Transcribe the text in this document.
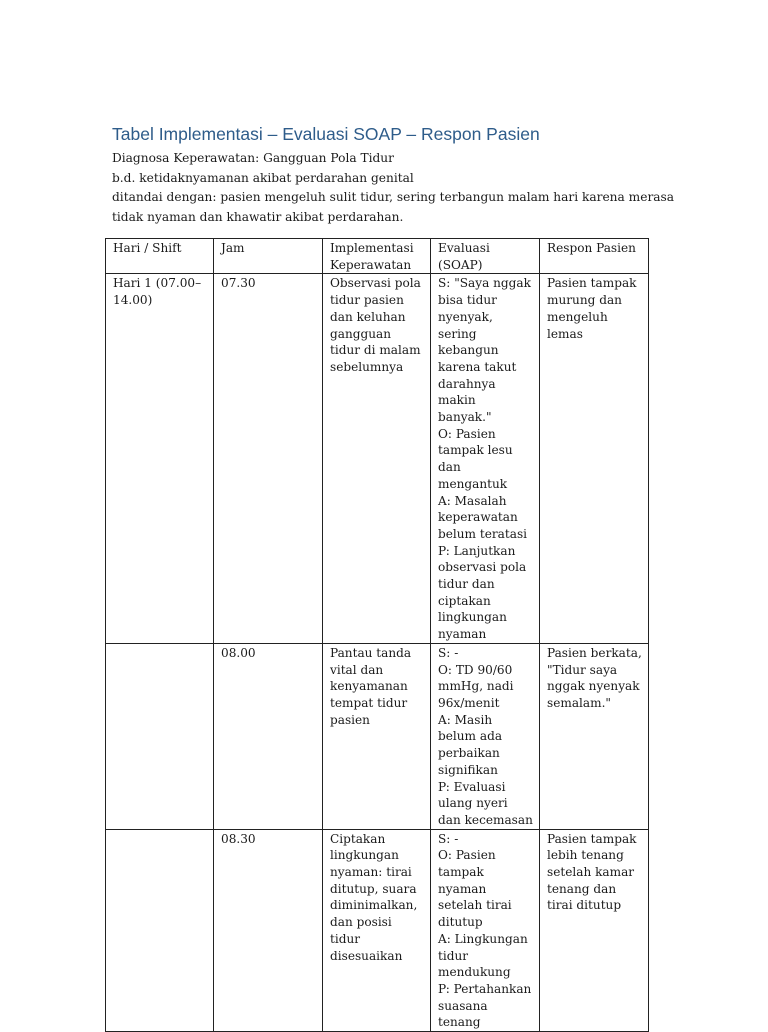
Tabel Implementasi – Evaluasi SOAP – Respon Pasien
Diagnosa Keperawatan: Gangguan Pola Tidur
b.d. ketidaknyamanan akibat perdarahan genital
ditandai dengan: pasien mengeluh sulit tidur, sering terbangun malam hari karena merasa
tidak nyaman dan khawatir akibat perdarahan.
Hari / Shift	Jam	Implementasi Keperawatan	Evaluasi (SOAP)	Respon Pasien
Hari 1 (07.00–14.00)	07.30	Observasi pola tidur pasien dan keluhan gangguan tidur di malam sebelumnya	S: "Saya nggak bisa tidur nyenyak, sering kebangun karena takut darahnya makin banyak."
O: Pasien tampak lesu dan mengantuk
A: Masalah keperawatan belum teratasi
P: Lanjutkan observasi pola tidur dan ciptakan lingkungan nyaman	Pasien tampak murung dan mengeluh lemas
	08.00	Pantau tanda vital dan kenyamanan tempat tidur pasien	S: -
O: TD 90/60 mmHg, nadi 96x/menit
A: Masih belum ada perbaikan signifikan
P: Evaluasi ulang nyeri dan kecemasan	Pasien berkata, "Tidur saya nggak nyenyak semalam."
	08.30	Ciptakan lingkungan nyaman: tirai ditutup, suara diminimalkan, dan posisi tidur disesuaikan	S: -
O: Pasien tampak nyaman setelah tirai ditutup
A: Lingkungan tidur mendukung
P: Pertahankan suasana tenang	Pasien tampak lebih tenang setelah kamar tenang dan tirai ditutup
